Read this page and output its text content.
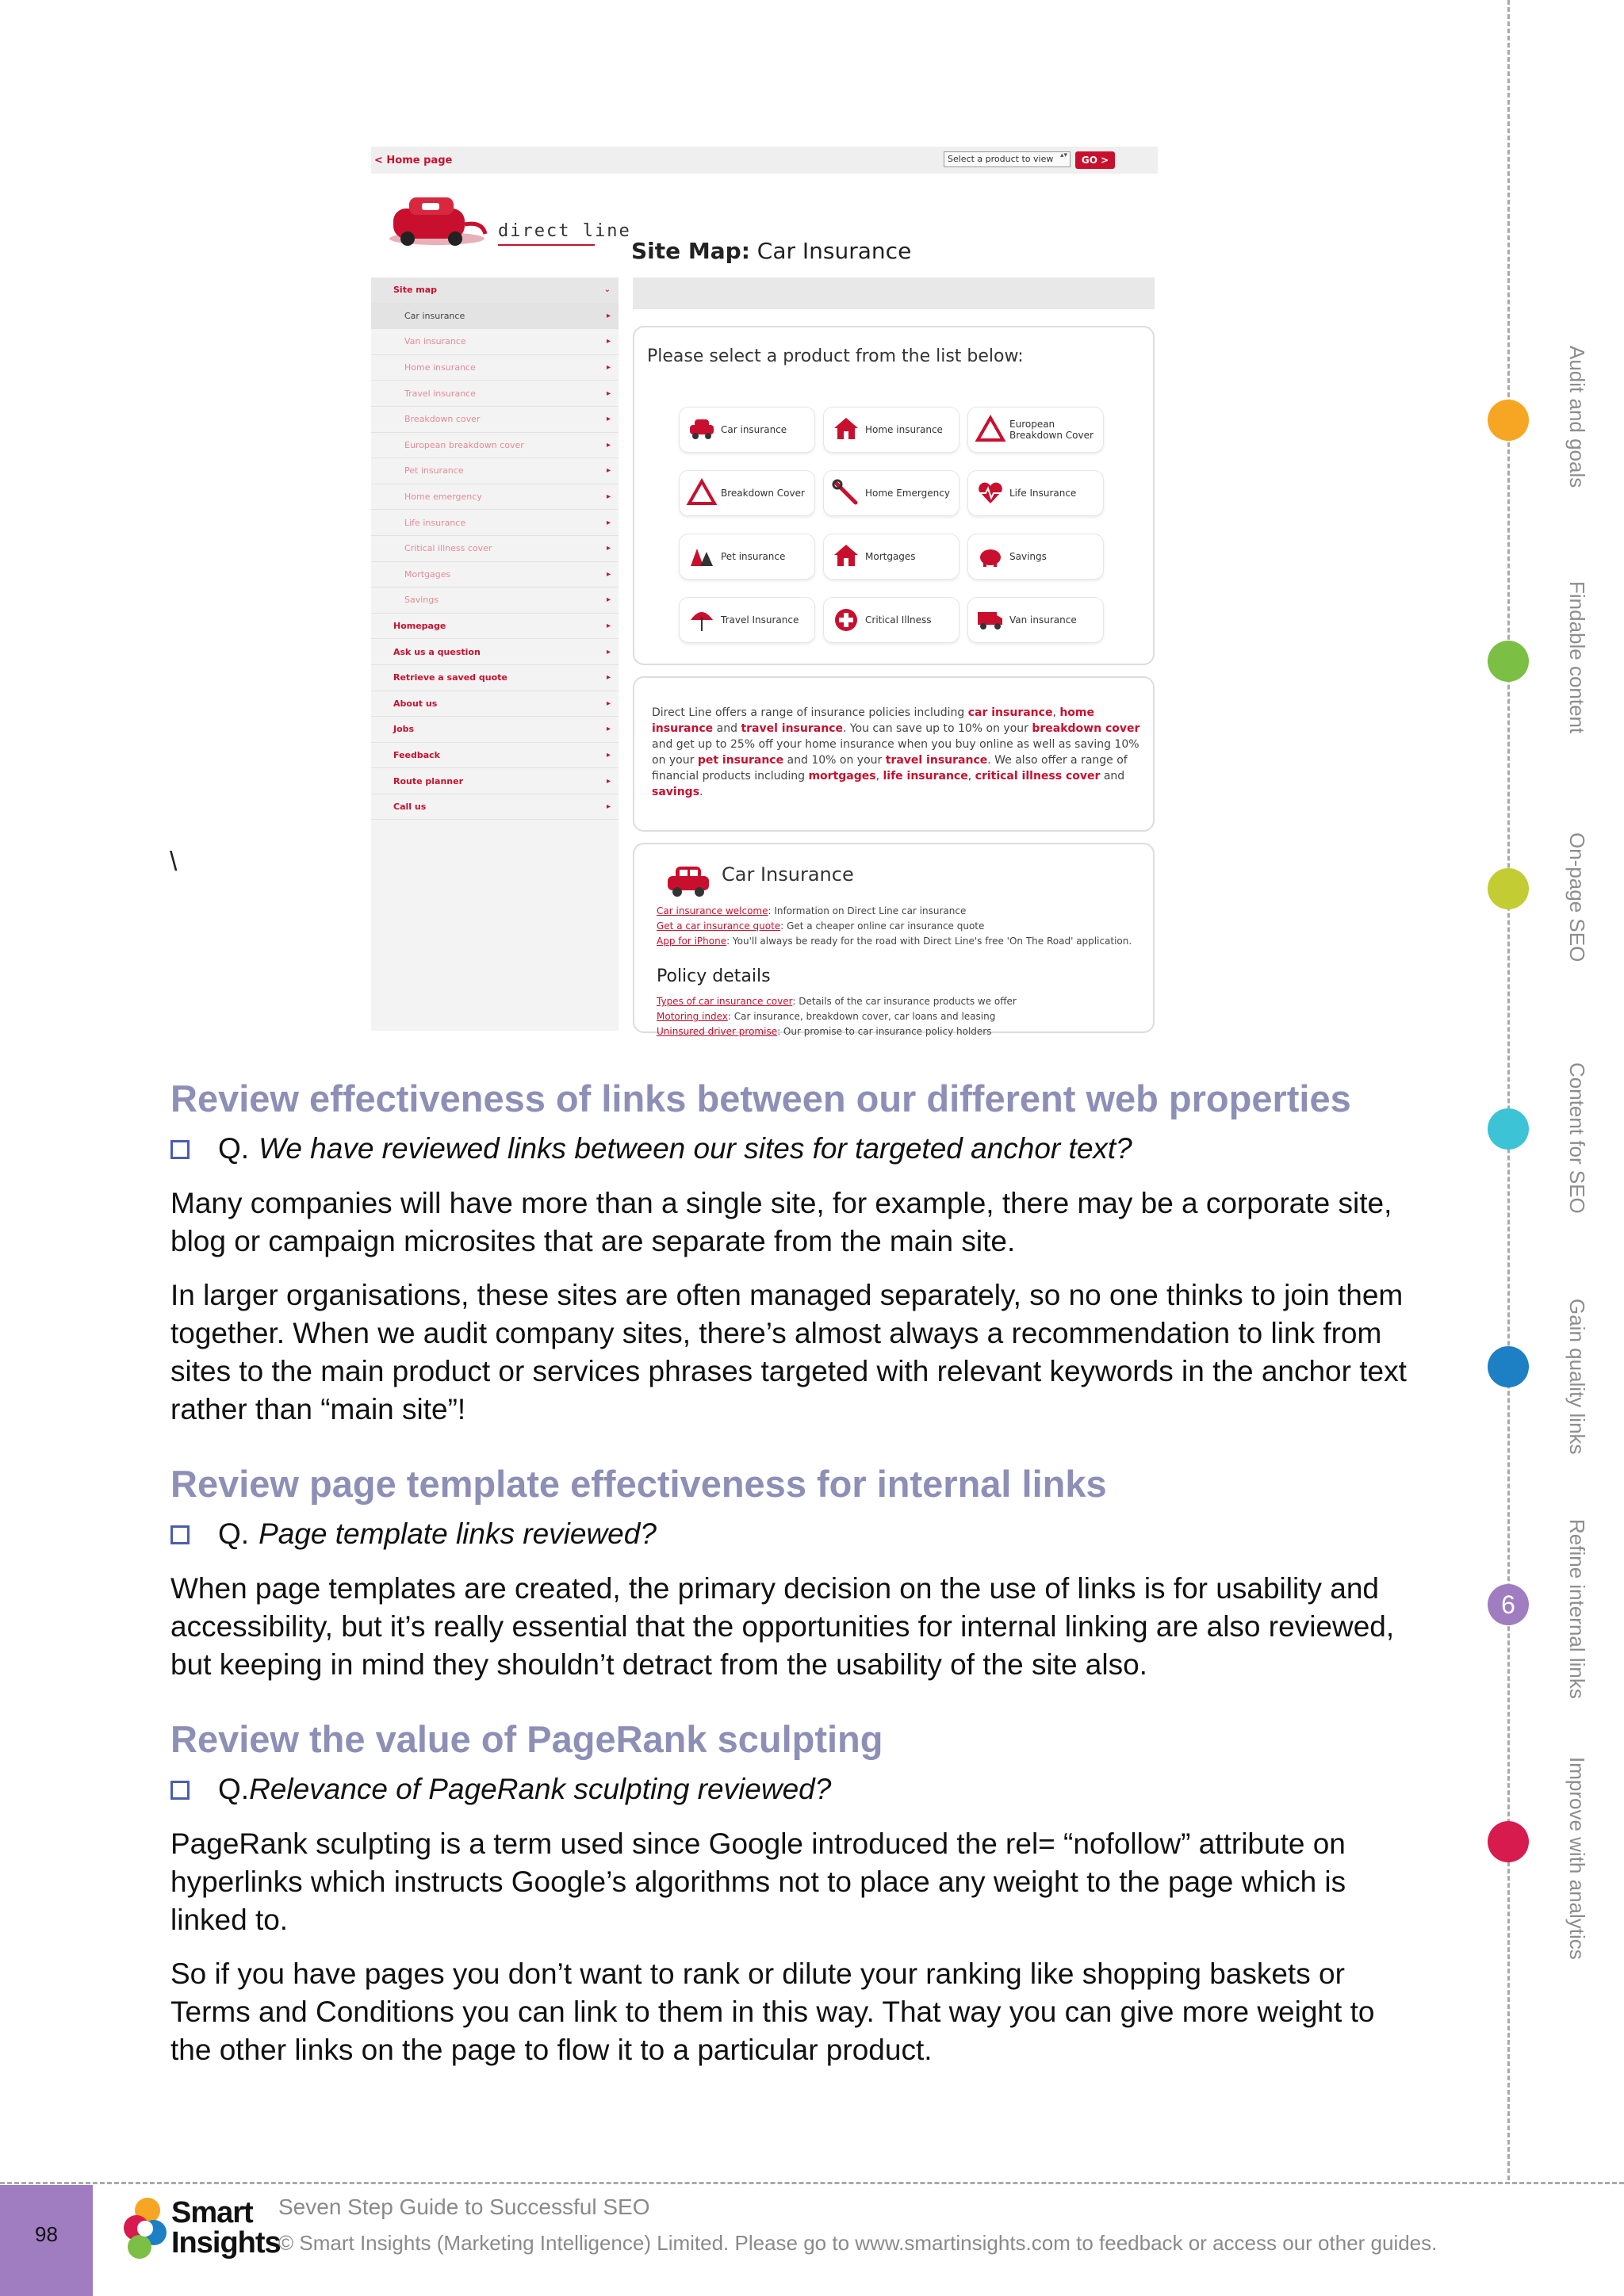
< Home page	Select a product to view ▴▾	GO >
direct line
Site Map: Car Insurance
Site map	⌄
Car insurance	▸
Van insurance	▸
Home insurance	▸
Travel insurance	▸
Breakdown cover	▸
European breakdown cover	▸
Pet insurance	▸
Home emergency	▸
Life insurance	▸
Critical illness cover	▸
Mortgages	▸
Savings	▸
Homepage	▸
Ask us a question	▸
Retrieve a saved quote	▸
About us	▸
Jobs	▸
Feedback	▸
Route planner	▸
Call us	▸
Please select a product from the list below:
Car insurance	Home insurance	European Breakdown Cover
Breakdown Cover	Home Emergency	Life Insurance
Pet insurance	Mortgages	Savings
Travel Insurance	Critical Illness	Van insurance
Direct Line offers a range of insurance policies including car insurance, home insurance and travel insurance. You can save up to 10% on your breakdown cover and get up to 25% off your home insurance when you buy online as well as saving 10% on your pet insurance and 10% on your travel insurance. We also offer a range of financial products including mortgages, life insurance, critical illness cover and savings.
Car Insurance
Car insurance welcome: Information on Direct Line car insurance
Get a car insurance quote: Get a cheaper online car insurance quote
App for iPhone: You'll always be ready for the road with Direct Line's free 'On The Road' application.
Policy details
Types of car insurance cover: Details of the car insurance products we offer
Motoring index: Car insurance, breakdown cover, car loans and leasing
Uninsured driver promise: Our promise to car insurance policy holders
\
Review effectiveness of links between our different web properties
Q. We have reviewed links between our sites for targeted anchor text?
Many companies will have more than a single site, for example, there may be a corporate site, blog or campaign microsites that are separate from the main site.
In larger organisations, these sites are often managed separately, so no one thinks to join them together. When we audit company sites, there’s almost always a recommendation to link from sites to the main product or services phrases targeted with relevant keywords in the anchor text rather than “main site”!
Review page template effectiveness for internal links
Q. Page template links reviewed?
When page templates are created, the primary decision on the use of links is for usability and accessibility, but it’s really essential that the opportunities for internal linking are also reviewed, but keeping in mind they shouldn’t detract from the usability of the site also.
Review the value of PageRank sculpting
Q. Relevance of PageRank sculpting reviewed?
PageRank sculpting is a term used since Google introduced the rel= “nofollow” attribute on hyperlinks which instructs Google’s algorithms not to place any weight to the page which is linked to.
So if you have pages you don’t want to rank or dilute your ranking like shopping baskets or Terms and Conditions you can link to them in this way. That way you can give more weight to the other links on the page to flow it to a particular product.
Audit and goals
Findable content
On-page SEO
Content for SEO
Gain quality links
6	Refine internal links
Improve with analytics
98
Smart
Insights
Seven Step Guide to Successful SEO
© Smart Insights (Marketing Intelligence) Limited. Please go to www.smartinsights.com to feedback or access our other guides.
